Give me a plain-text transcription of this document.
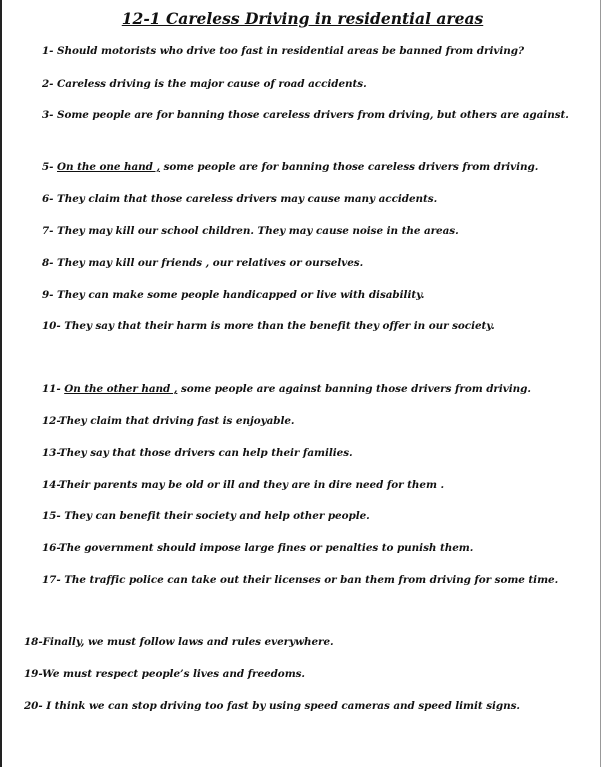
12-1 Careless Driving in residential areas
1- Should motorists who drive too fast in residential areas be banned from driving?
2- Careless driving is the major cause of road accidents.
3- Some people are for banning those careless drivers from driving, but others are against.
5- On the one hand , some people are for banning those careless drivers from driving.
6- They claim that those careless drivers may cause many accidents.
7- They may kill our school children. They may cause noise in the areas.
8- They may kill our friends , our relatives or ourselves.
9- They can make some people handicapped or live with disability.
10- They say that their harm is more than the benefit they offer in our society.
11- On the other hand , some people are against banning those drivers from driving.
12-They claim that driving fast is enjoyable.
13-They say that those drivers can help their families.
14-Their parents may be old or ill and they are in dire need for them .
15- They can benefit their society and help other people.
16-The government should impose large fines or penalties to punish them.
17- The traffic police can take out their licenses or ban them from driving for some time.
18-Finally, we must follow laws and rules everywhere.
19-We must respect people’s lives and freedoms.
20- I think we can stop driving too fast by using speed cameras and speed limit signs.
